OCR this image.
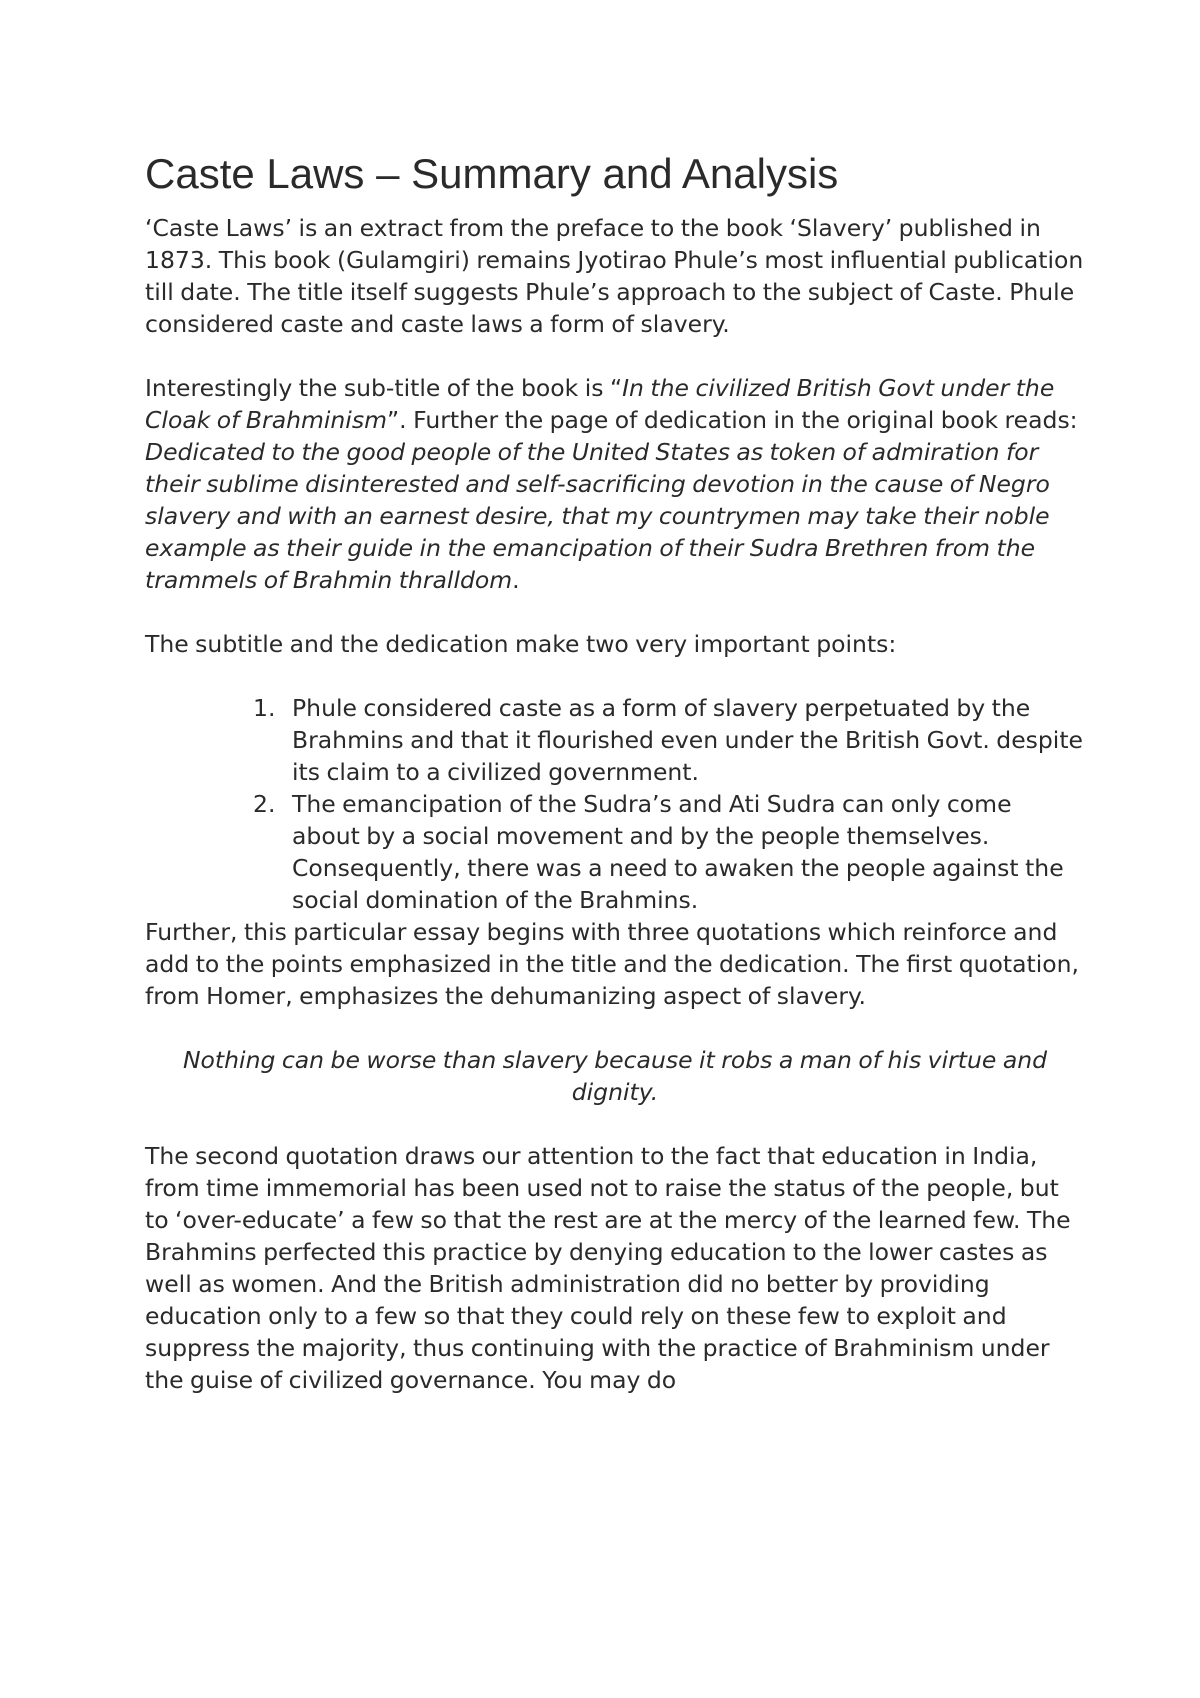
Caste Laws – Summary and Analysis

‘Caste Laws’ is an extract from the preface to the book ‘Slavery’ published in 1873. This book (Gulamgiri) remains Jyotirao Phule’s most influential publication till date. The title itself suggests Phule’s approach to the subject of Caste. Phule considered caste and caste laws a form of slavery.

Interestingly the sub-title of the book is “In the civilized British Govt under the Cloak of Brahminism”. Further the page of dedication in the original book reads: Dedicated to the good people of the United States as token of admiration for their sublime disinterested and self-sacrificing devotion in the cause of Negro slavery and with an earnest desire, that my countrymen may take their noble example as their guide in the emancipation of their Sudra Brethren from the trammels of Brahmin thralldom.

The subtitle and the dedication make two very important points:

1. Phule considered caste as a form of slavery perpetuated by the Brahmins and that it flourished even under the British Govt. despite its claim to a civilized government.
2. The emancipation of the Sudra’s and Ati Sudra can only come about by a social movement and by the people themselves. Consequently, there was a need to awaken the people against the social domination of the Brahmins.

Further, this particular essay begins with three quotations which reinforce and add to the points emphasized in the title and the dedication. The first quotation, from Homer, emphasizes the dehumanizing aspect of slavery.

Nothing can be worse than slavery because it robs a man of his virtue and dignity.

The second quotation draws our attention to the fact that education in India, from time immemorial has been used not to raise the status of the people, but to ‘over-educate’ a few so that the rest are at the mercy of the learned few. The Brahmins perfected this practice by denying education to the lower castes as well as women. And the British administration did no better by providing education only to a few so that they could rely on these few to exploit and suppress the majority, thus continuing with the practice of Brahminism under the guise of civilized governance. You may do
